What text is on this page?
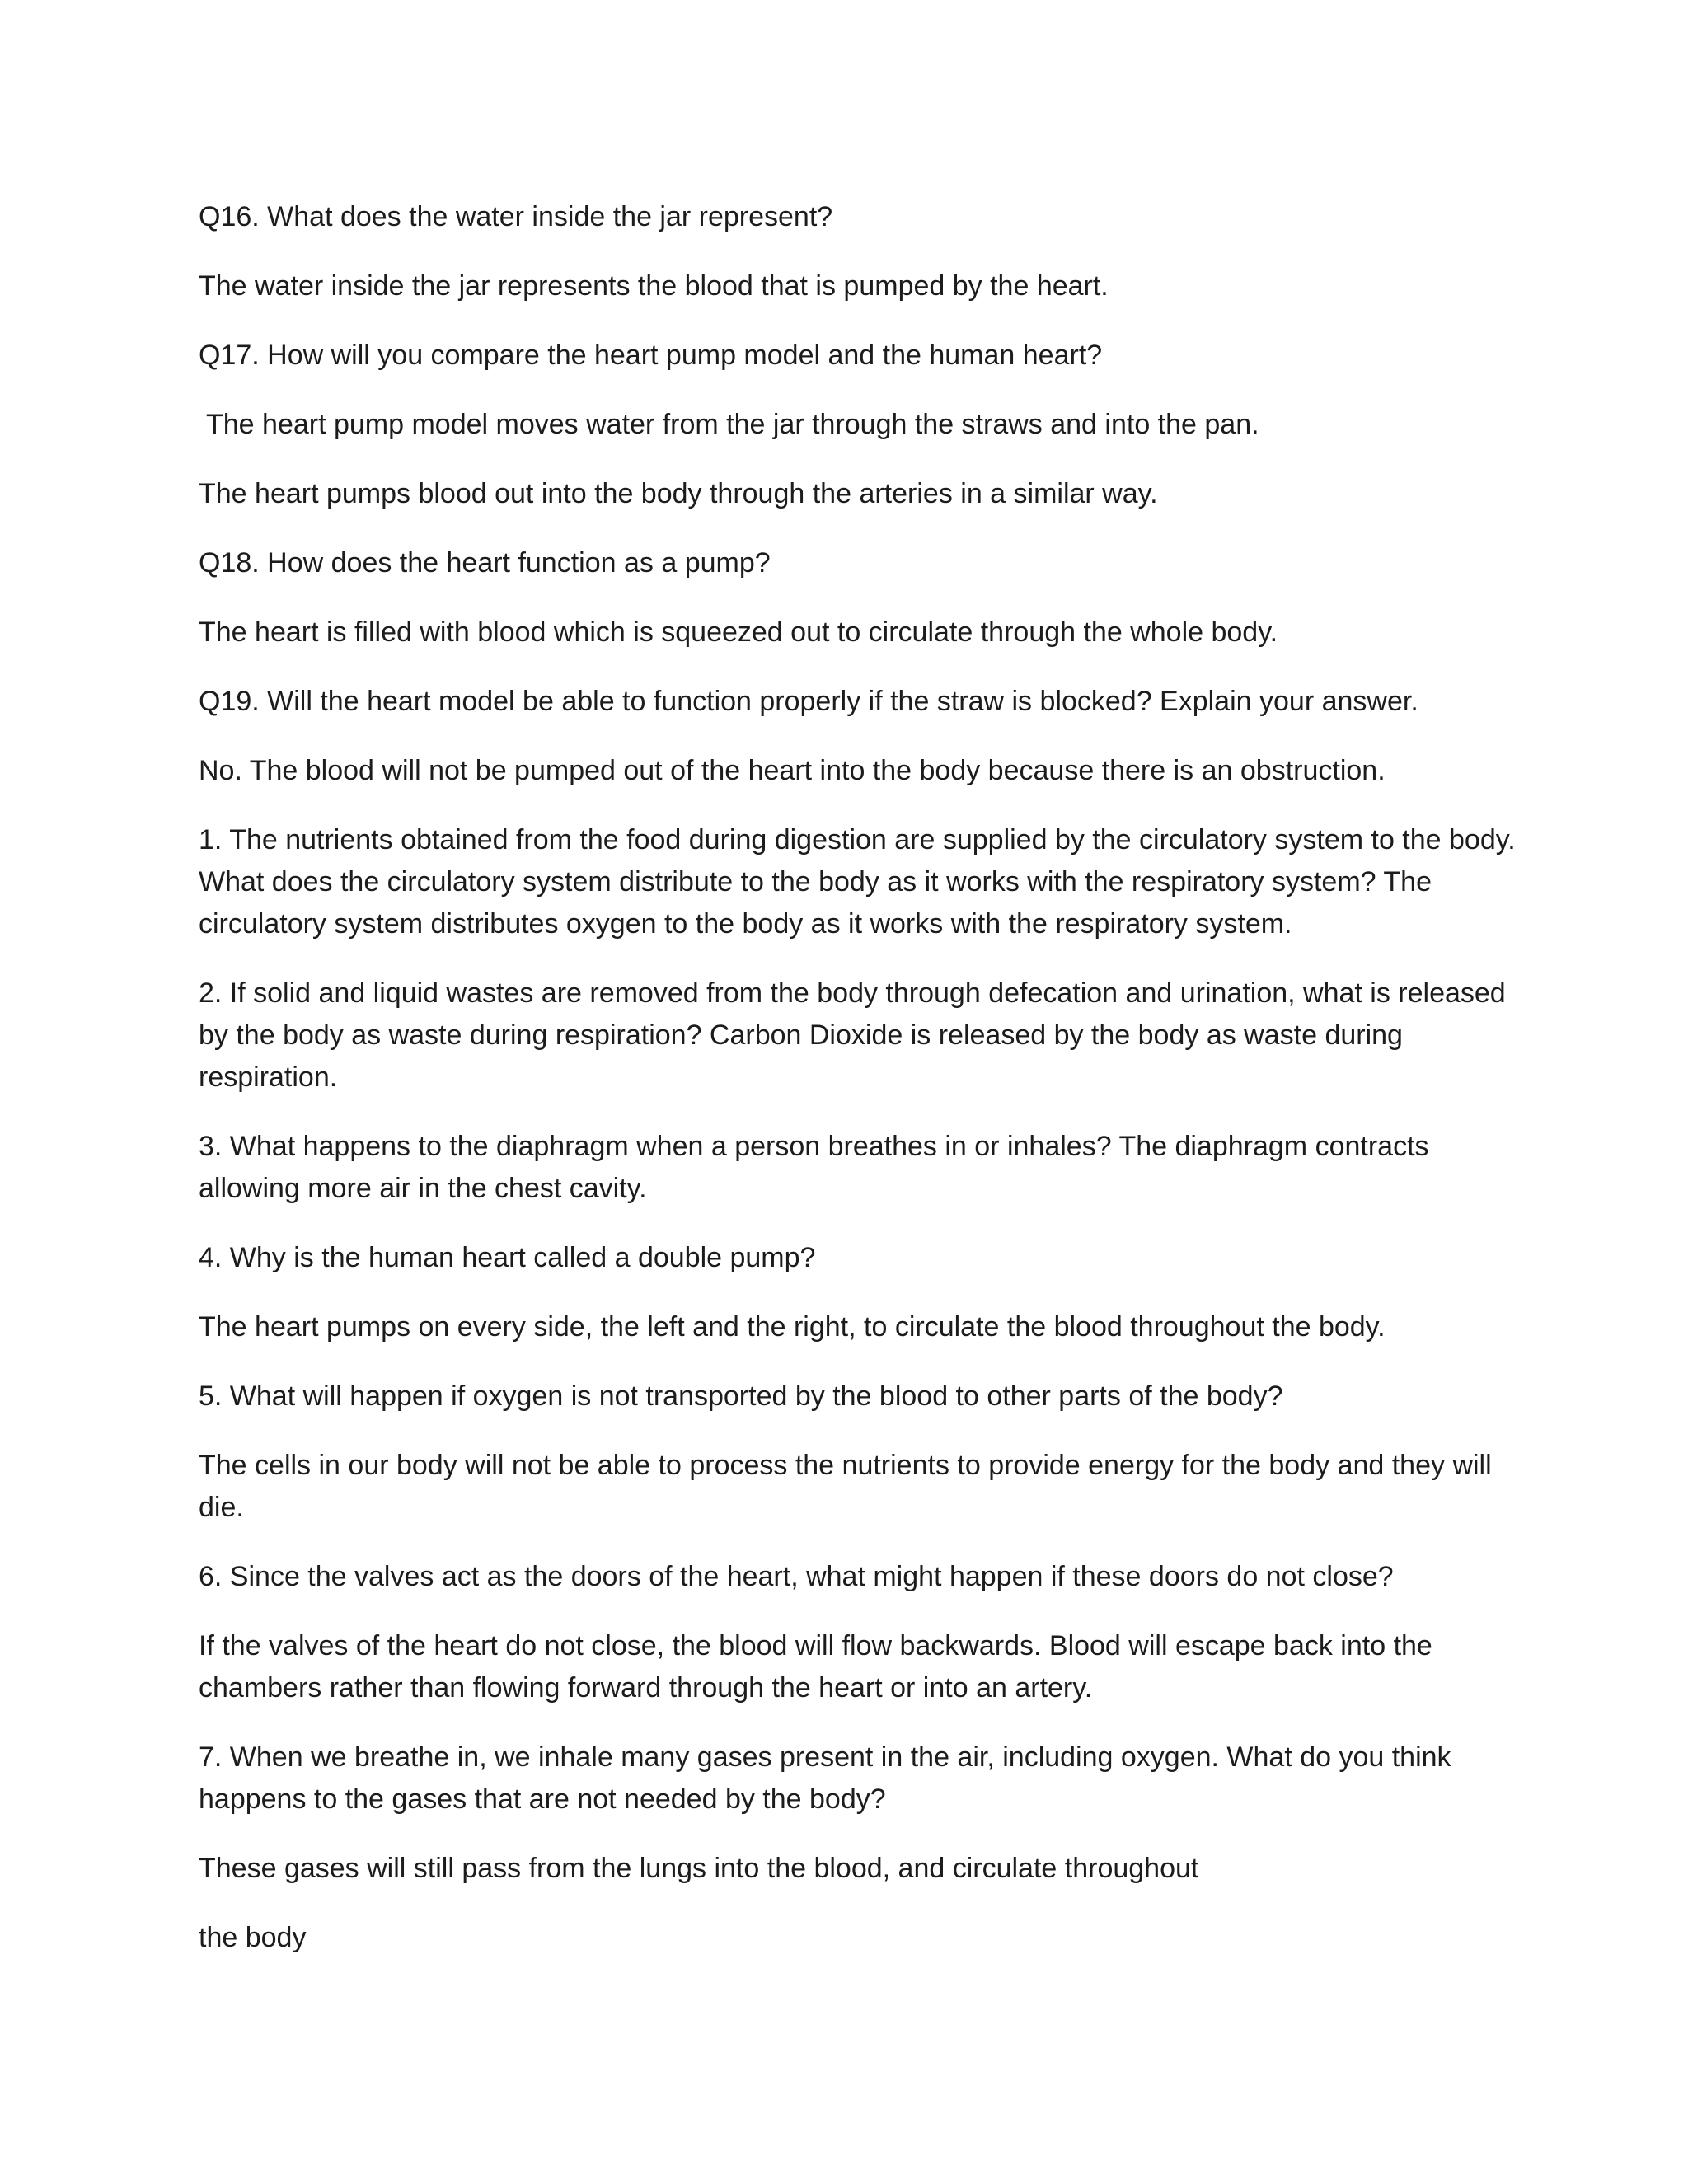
Q16. What does the water inside the jar represent?

The water inside the jar represents the blood that is pumped by the heart.

Q17. How will you compare the heart pump model and the human heart?

The heart pump model moves water from the jar through the straws and into the pan.

The heart pumps blood out into the body through the arteries in a similar way.

Q18. How does the heart function as a pump?

The heart is filled with blood which is squeezed out to circulate through the whole body.

Q19. Will the heart model be able to function properly if the straw is blocked? Explain your answer.

No. The blood will not be pumped out of the heart into the body because there is an obstruction.

1. The nutrients obtained from the food during digestion are supplied by the circulatory system to the body. What does the circulatory system distribute to the body as it works with the respiratory system? The circulatory system distributes oxygen to the body as it works with the respiratory system.

2. If solid and liquid wastes are removed from the body through defecation and urination, what is released by the body as waste during respiration? Carbon Dioxide is released by the body as waste during respiration.

3. What happens to the diaphragm when a person breathes in or inhales? The diaphragm contracts allowing more air in the chest cavity.

4. Why is the human heart called a double pump?

The heart pumps on every side, the left and the right, to circulate the blood throughout the body.

5. What will happen if oxygen is not transported by the blood to other parts of the body?

The cells in our body will not be able to process the nutrients to provide energy for the body and they will die.

6. Since the valves act as the doors of the heart, what might happen if these doors do not close?

If the valves of the heart do not close, the blood will flow backwards. Blood will escape back into the chambers rather than flowing forward through the heart or into an artery.

7. When we breathe in, we inhale many gases present in the air, including oxygen. What do you think happens to the gases that are not needed by the body?

These gases will still pass from the lungs into the blood, and circulate throughout

the body
